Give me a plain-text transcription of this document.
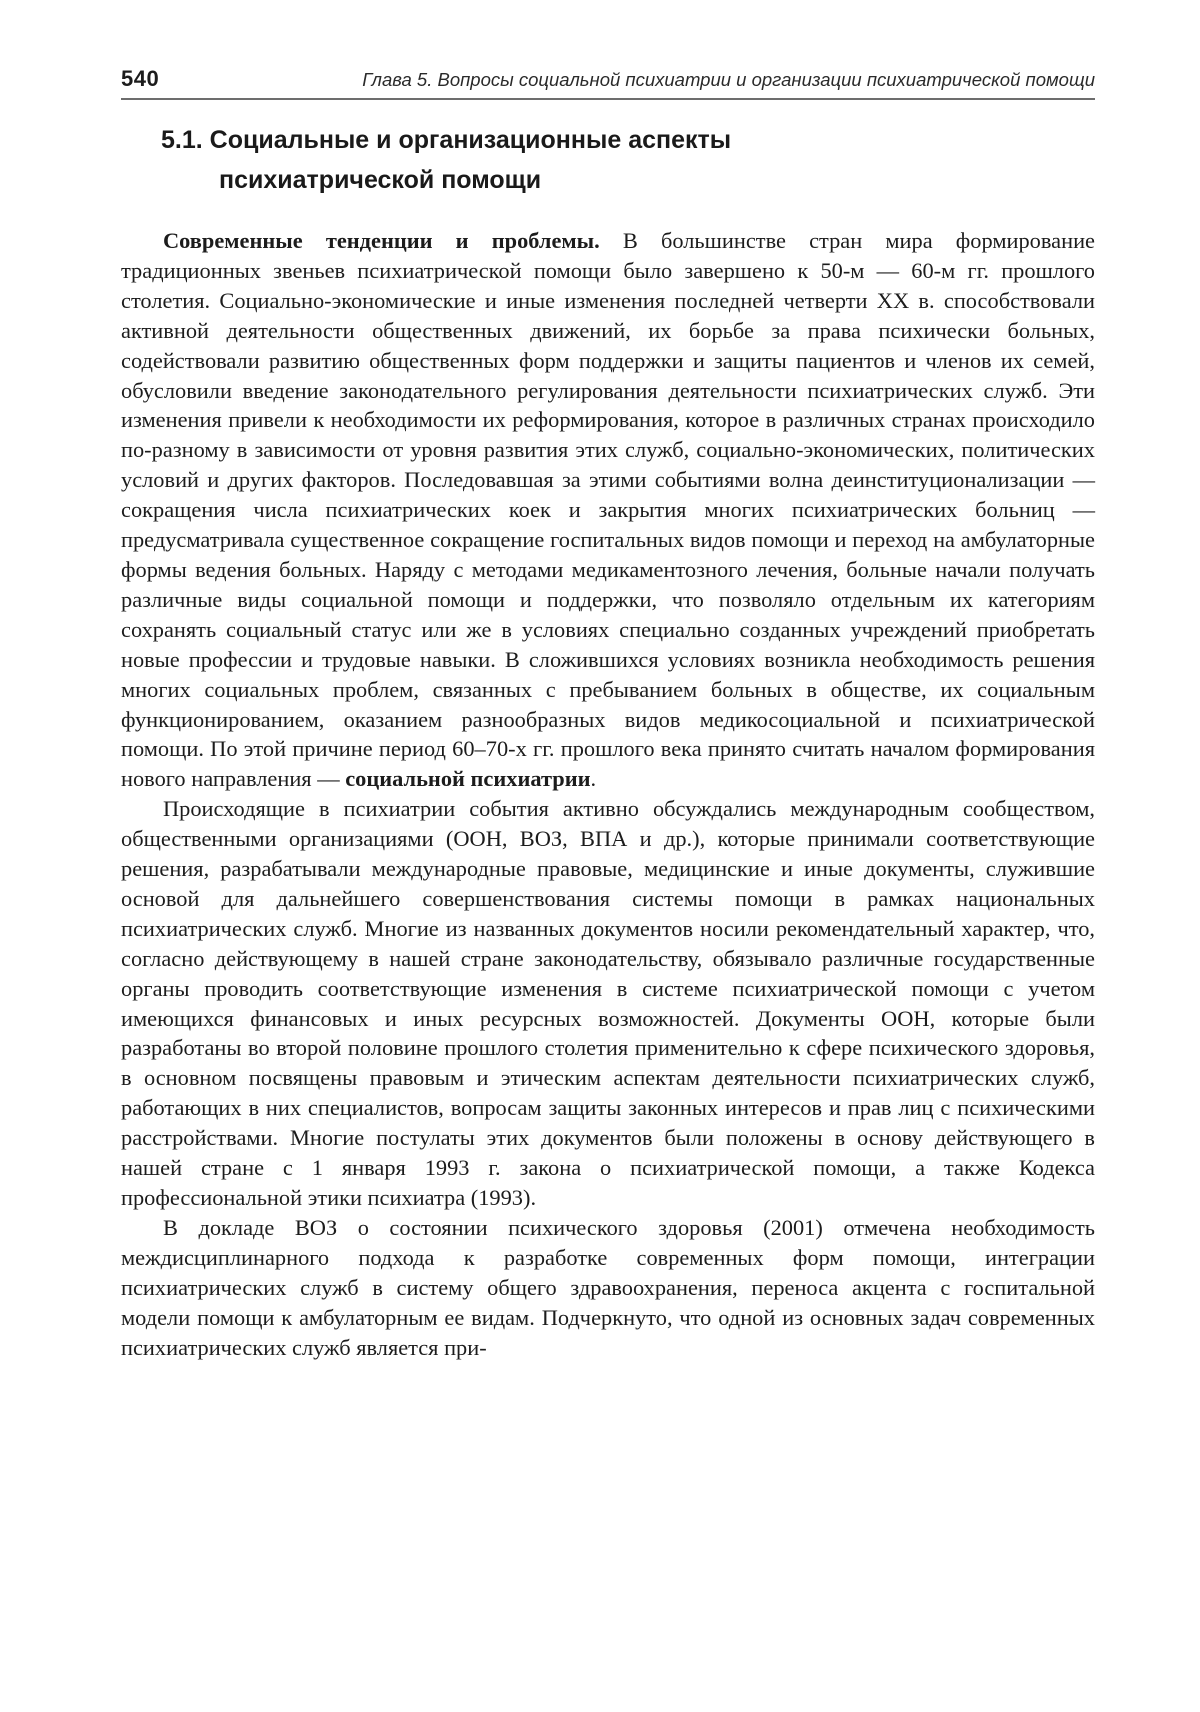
540	Глава 5. Вопросы социальной психиатрии и организации психиатрической помощи
5.1. Социальные и организационные аспекты
психиатрической помощи

Современные тенденции и проблемы. В большинстве стран мира формирование традиционных звеньев психиатрической помощи было завершено к 50-м — 60-м гг. прошлого столетия. Социально-экономические и иные изменения последней четверти XX в. способствовали активной деятельности общественных движений, их борьбе за права психически больных, содействовали развитию общественных форм поддержки и защиты пациентов и членов их семей, обусловили введение законодательного регулирования деятельности психиатрических служб. Эти изменения привели к необходимости их реформирования, которое в различных странах происходило по-разному в зависимости от уровня развития этих служб, социально-экономических, политических условий и других факторов. Последовавшая за этими событиями волна деинституционализации — сокращения числа психиатрических коек и закрытия многих психиатрических больниц — предусматривала существенное сокращение госпитальных видов помощи и переход на амбулаторные формы ведения больных. Наряду с методами медикаментозного лечения, больные начали получать различные виды социальной помощи и поддержки, что позволяло отдельным их категориям сохранять социальный статус или же в условиях специально созданных учреждений приобретать новые профессии и трудовые навыки. В сложившихся условиях возникла необходимость решения многих социальных проблем, связанных с пребыванием больных в обществе, их социальным функционированием, оказанием разнообразных видов медикосоциальной и психиатрической помощи. По этой причине период 60–70-х гг. прошлого века принято считать началом формирования нового направления — социальной психиатрии.

Происходящие в психиатрии события активно обсуждались международным сообществом, общественными организациями (ООН, ВОЗ, ВПА и др.), которые принимали соответствующие решения, разрабатывали международные правовые, медицинские и иные документы, служившие основой для дальнейшего совершенствования системы помощи в рамках национальных психиатрических служб. Многие из названных документов носили рекомендательный характер, что, согласно действующему в нашей стране законодательству, обязывало различные государственные органы проводить соответствующие изменения в системе психиатрической помощи с учетом имеющихся финансовых и иных ресурсных возможностей. Документы ООН, которые были разработаны во второй половине прошлого столетия применительно к сфере психического здоровья, в основном посвящены правовым и этическим аспектам деятельности психиатрических служб, работающих в них специалистов, вопросам защиты законных интересов и прав лиц с психическими расстройствами. Многие постулаты этих документов были положены в основу действующего в нашей стране с 1 января 1993 г. закона о психиатрической помощи, а также Кодекса профессиональной этики психиатра (1993).

В докладе ВОЗ о состоянии психического здоровья (2001) отмечена необходимость междисциплинарного подхода к разработке современных форм помощи, интеграции психиатрических служб в систему общего здравоохранения, переноса акцента с госпитальной модели помощи к амбулаторным ее видам. Подчеркнуто, что одной из основных задач современных психиатрических служб является при-
